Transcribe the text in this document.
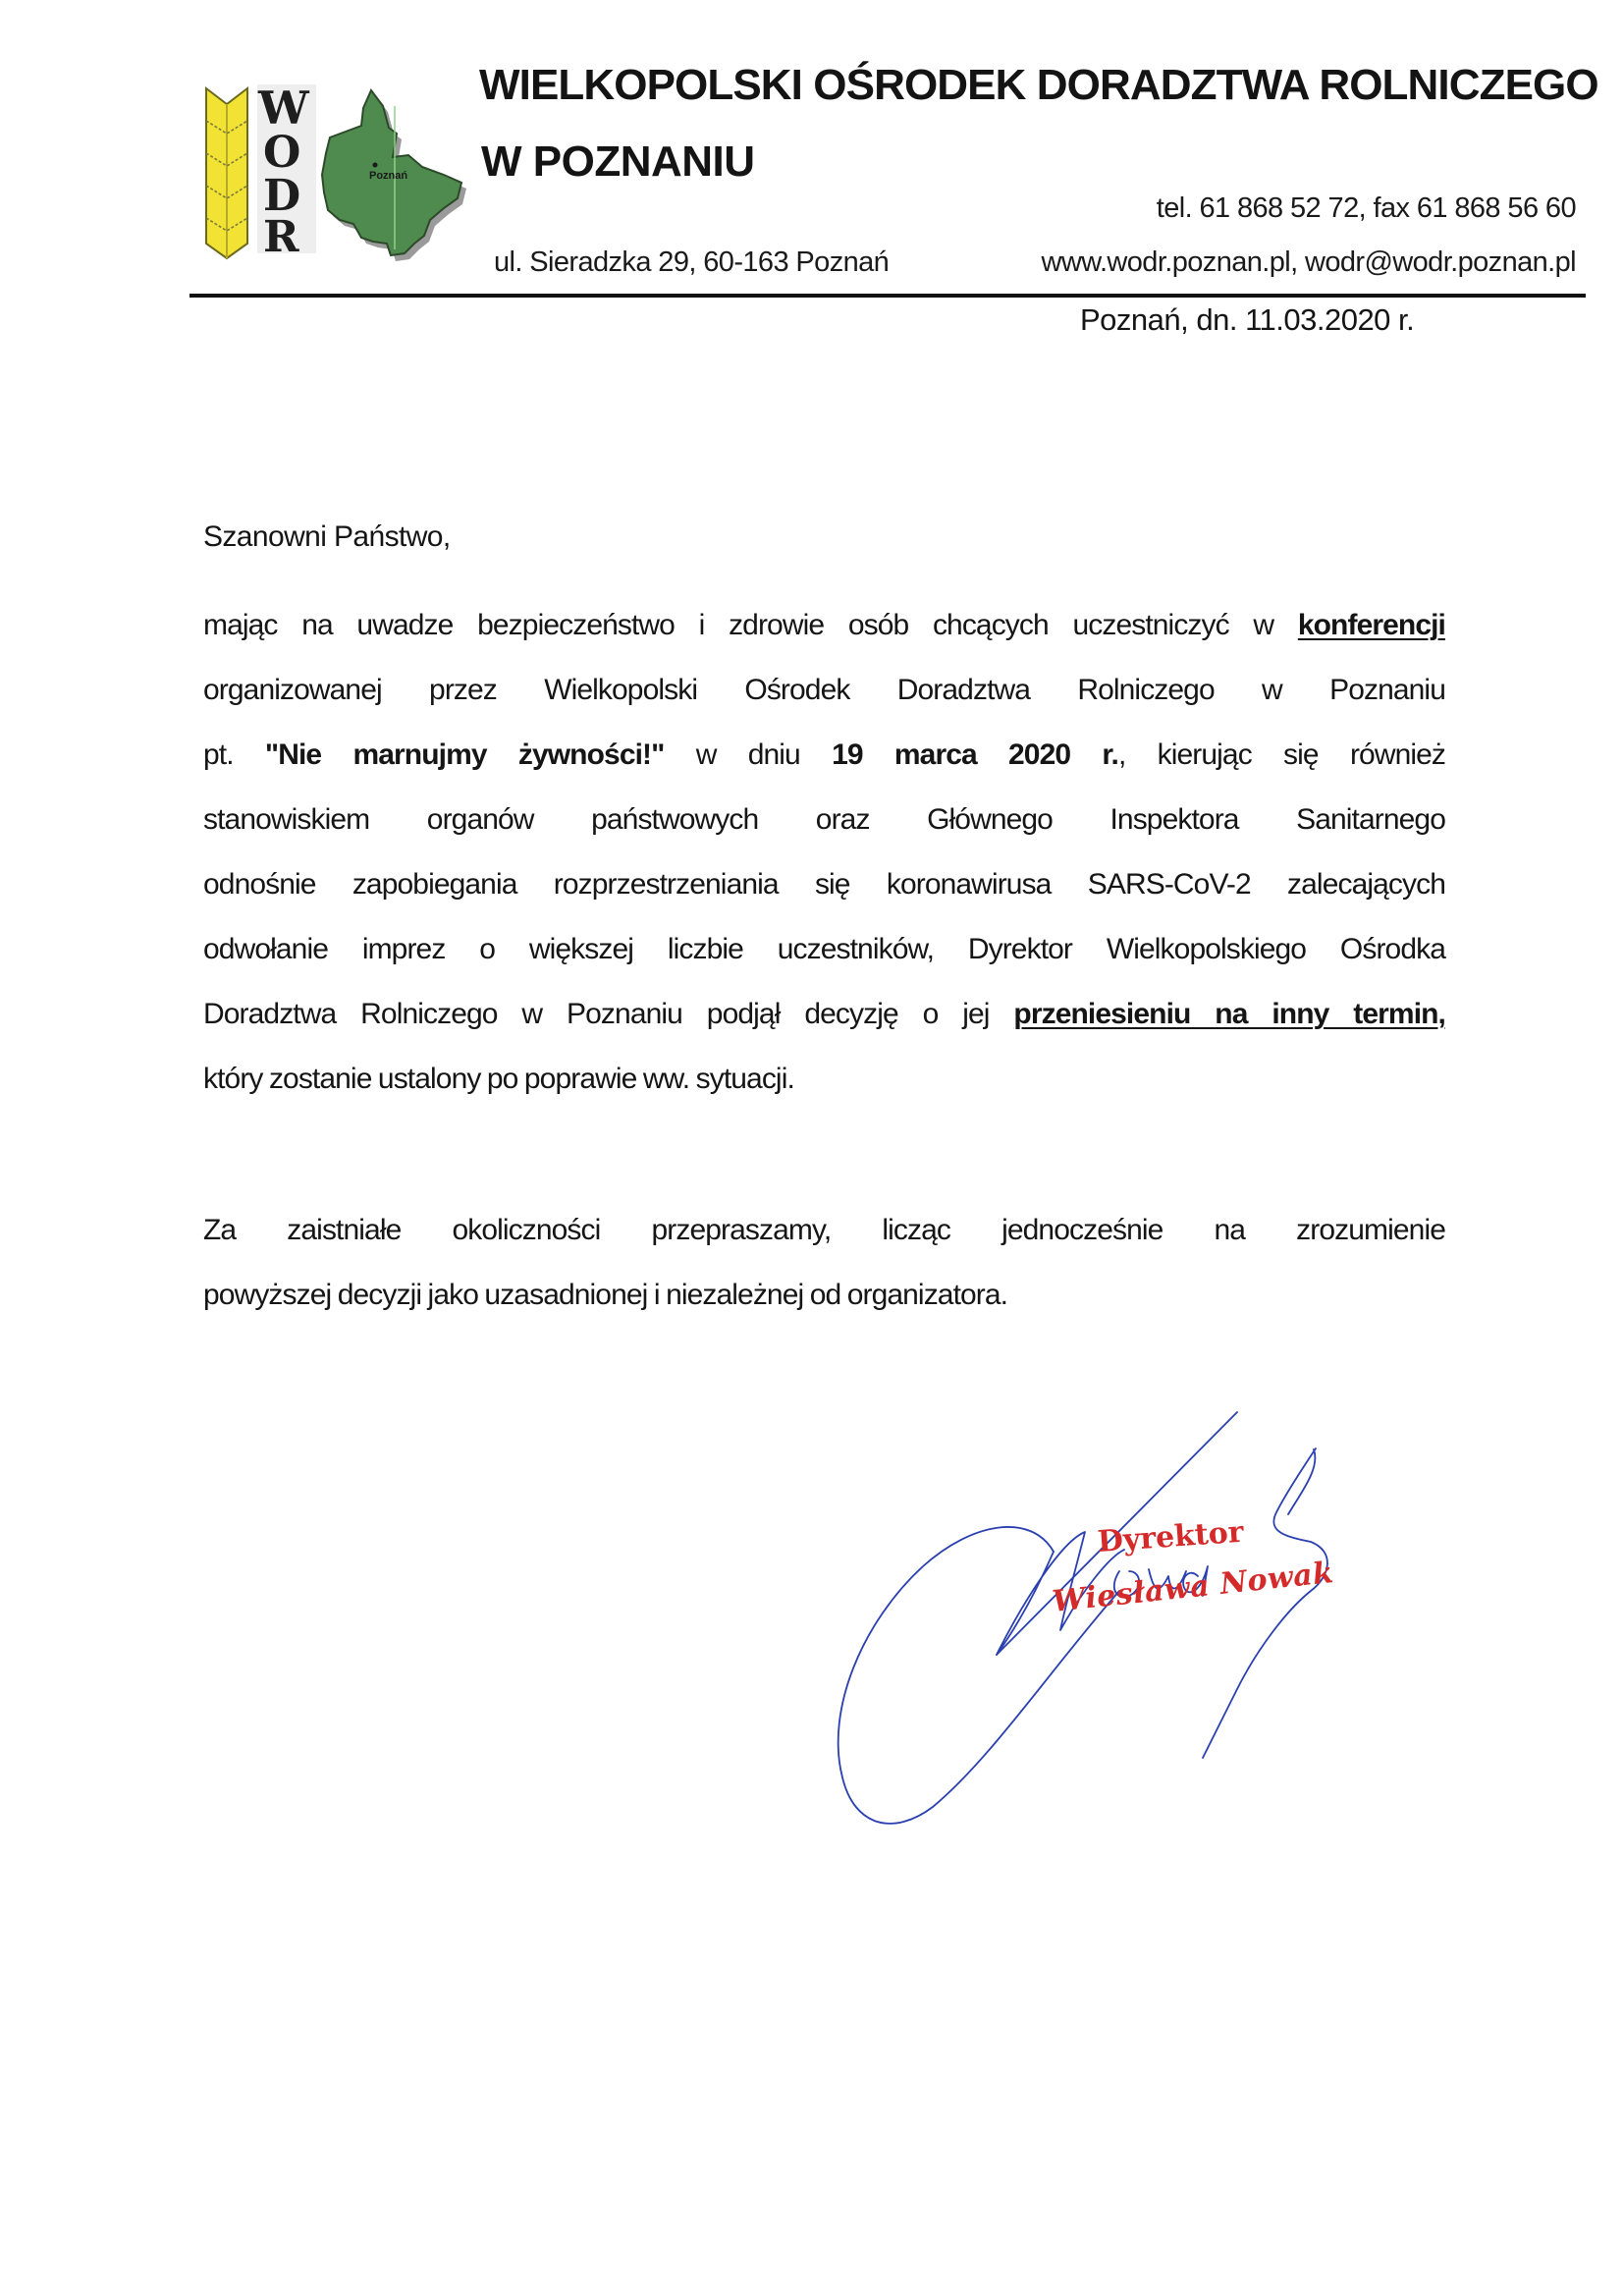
W
O
D
R
Poznań
WIELKOPOLSKI OŚRODEK DORADZTWA ROLNICZEGO
W POZNANIU
tel. 61 868 52 72, fax 61 868 56 60
ul. Sieradzka 29, 60-163 Poznań	www.wodr.poznan.pl, wodr@wodr.poznan.pl
Poznań, dn. 11.03.2020 r.
Szanowni Państwo,
mając na uwadze bezpieczeństwo i zdrowie osób chcących uczestniczyć w konferencji
organizowanej przez Wielkopolski Ośrodek Doradztwa Rolniczego w Poznaniu
pt. "Nie marnujmy żywności!" w dniu 19 marca 2020 r., kierując się również
stanowiskiem organów państwowych oraz Głównego Inspektora Sanitarnego
odnośnie zapobiegania rozprzestrzeniania się koronawirusa SARS-CoV-2 zalecających
odwołanie imprez o większej liczbie uczestników, Dyrektor Wielkopolskiego Ośrodka
Doradztwa Rolniczego w Poznaniu podjął decyzję o jej przeniesieniu na inny termin,
który zostanie ustalony po poprawie ww. sytuacji.
Za zaistniałe okoliczności przepraszamy, licząc jednocześnie na zrozumienie
powyższej decyzji jako uzasadnionej i niezależnej od organizatora.
Dyrektor
Wiesława Nowak
